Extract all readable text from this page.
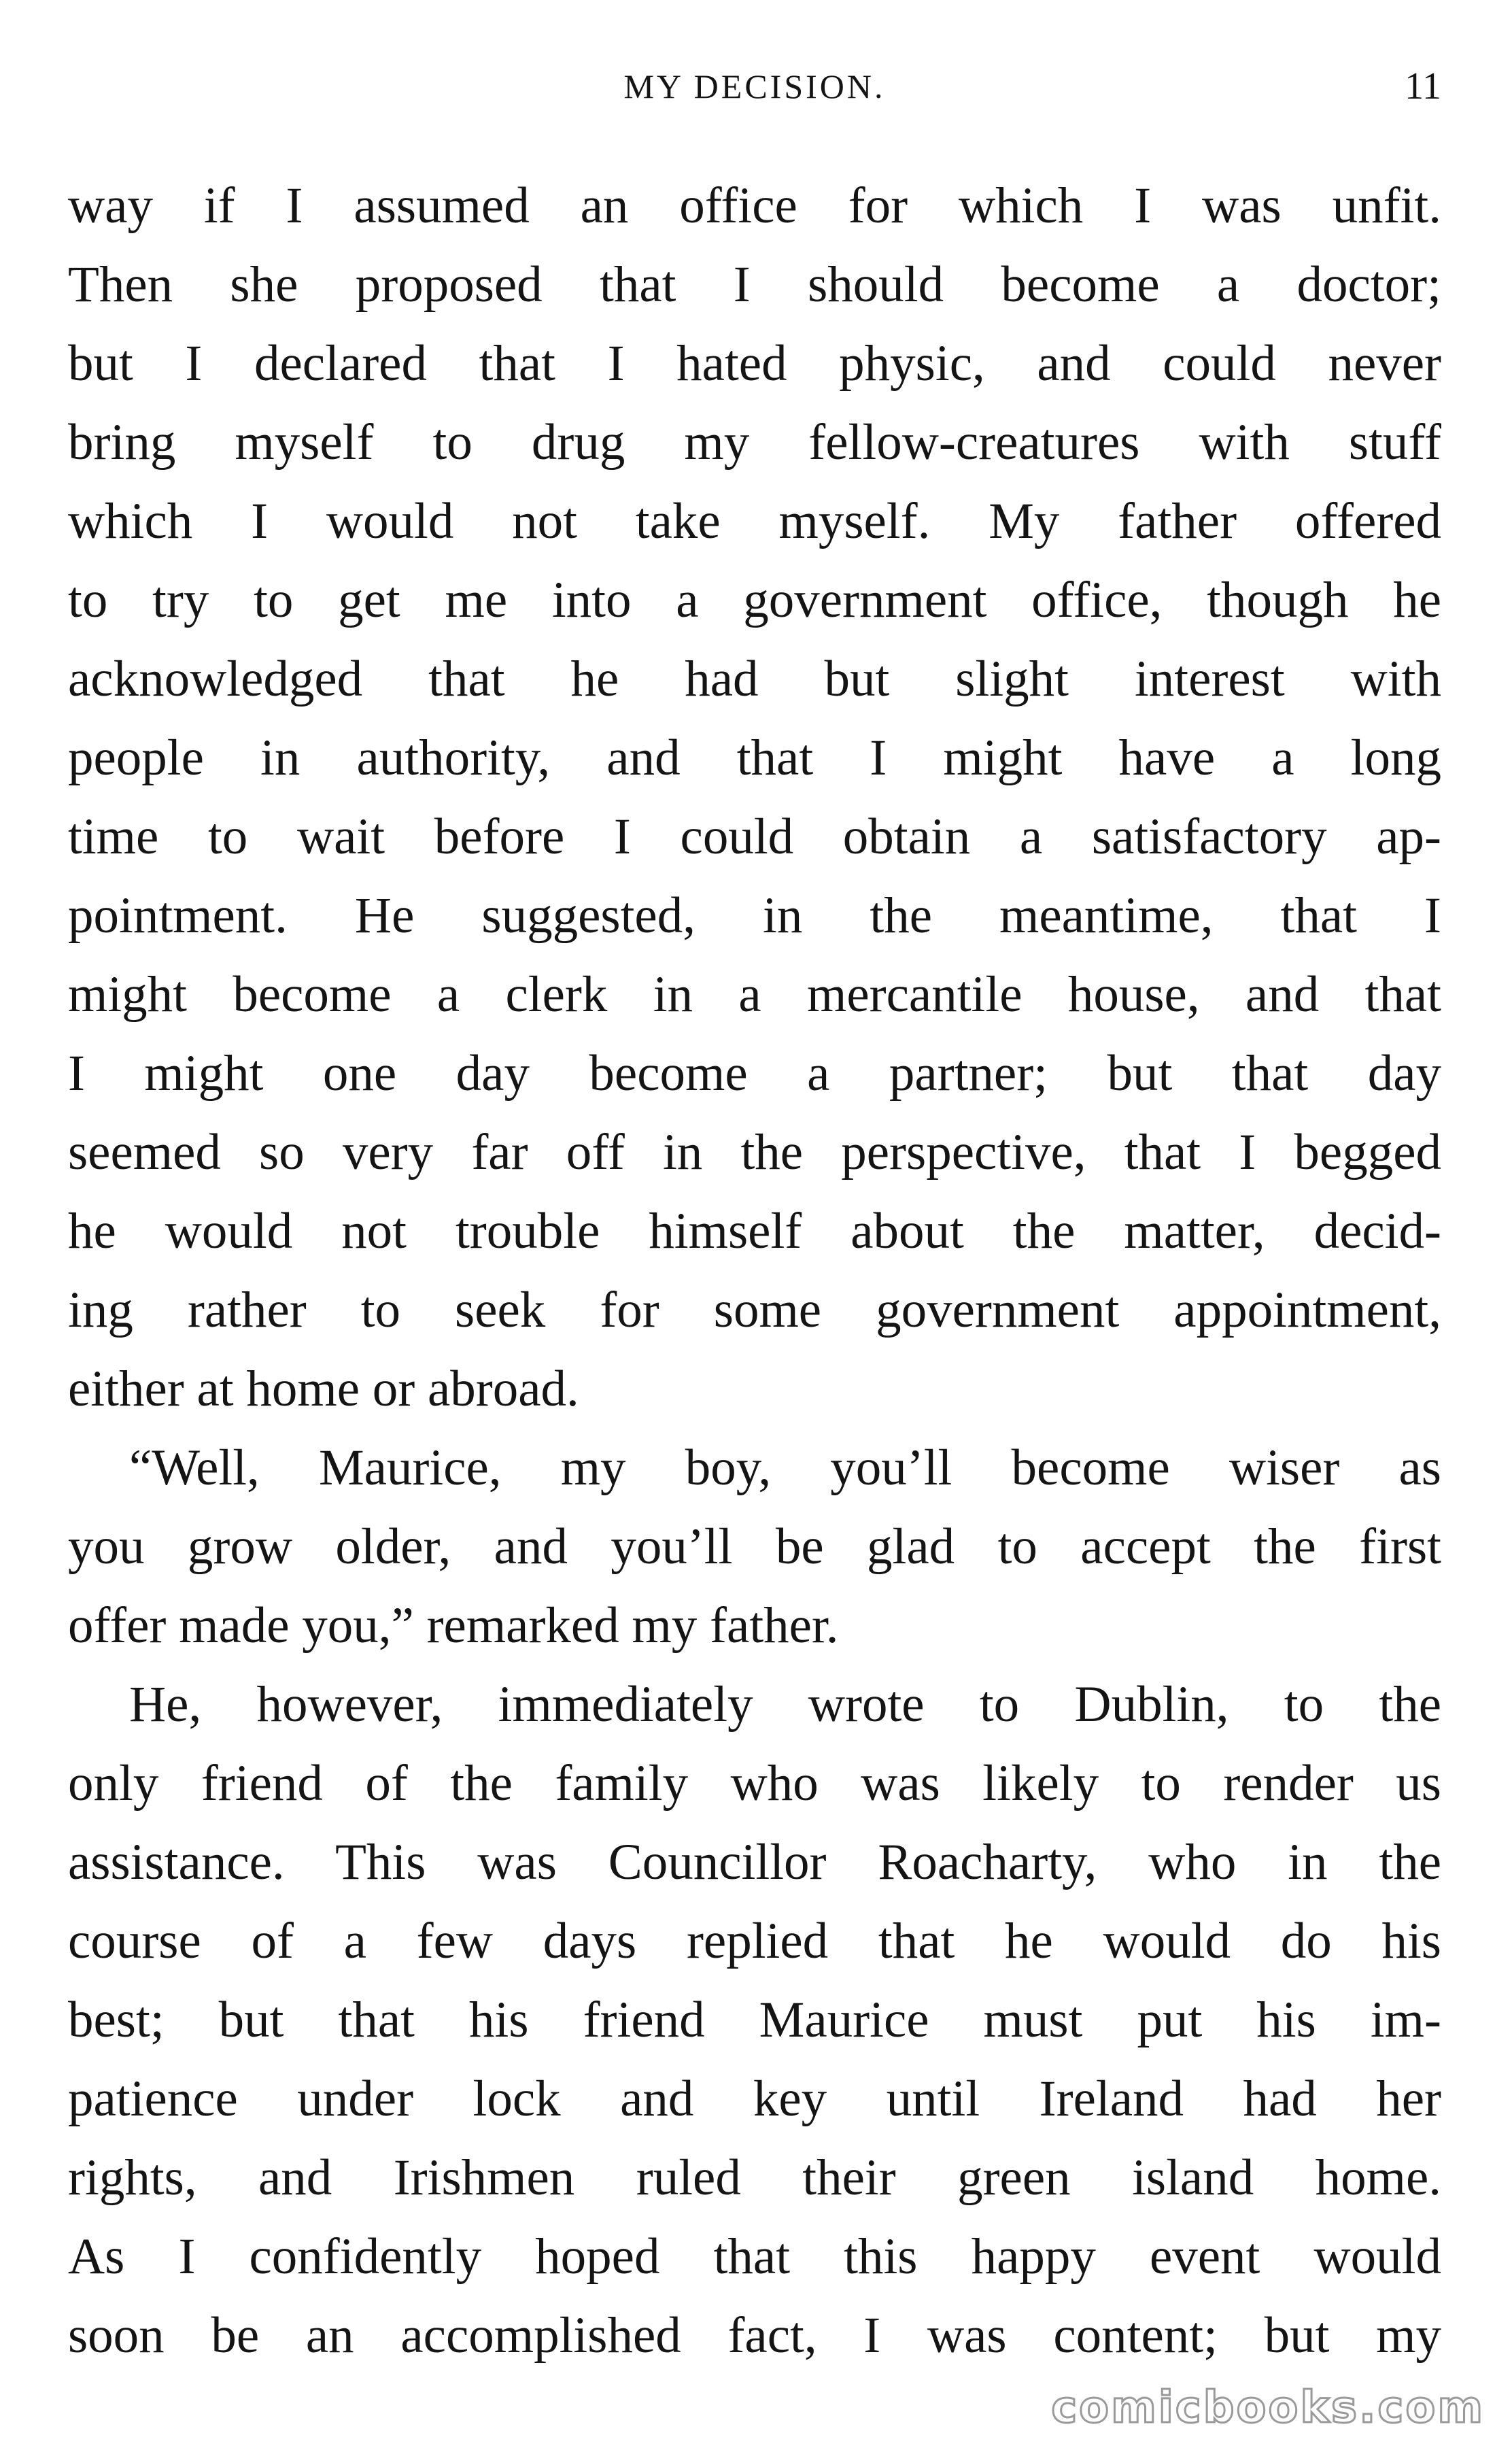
MY DECISION.	11
way if I assumed an office for which I was unfit.
Then she proposed that I should become a doctor;
but I declared that I hated physic, and could never
bring myself to drug my fellow-creatures with stuff
which I would not take myself. My father offered
to try to get me into a government office, though he
acknowledged that he had but slight interest with
people in authority, and that I might have a long
time to wait before I could obtain a satisfactory ap-
pointment. He suggested, in the meantime, that I
might become a clerk in a mercantile house, and that
I might one day become a partner; but that day
seemed so very far off in the perspective, that I begged
he would not trouble himself about the matter, decid-
ing rather to seek for some government appointment,
either at home or abroad.
“Well, Maurice, my boy, you’ll become wiser as
you grow older, and you’ll be glad to accept the first
offer made you,” remarked my father.
He, however, immediately wrote to Dublin, to the
only friend of the family who was likely to render us
assistance. This was Councillor Roacharty, who in the
course of a few days replied that he would do his
best; but that his friend Maurice must put his im-
patience under lock and key until Ireland had her
rights, and Irishmen ruled their green island home.
As I confidently hoped that this happy event would
soon be an accomplished fact, I was content; but my
comicbooks.com
